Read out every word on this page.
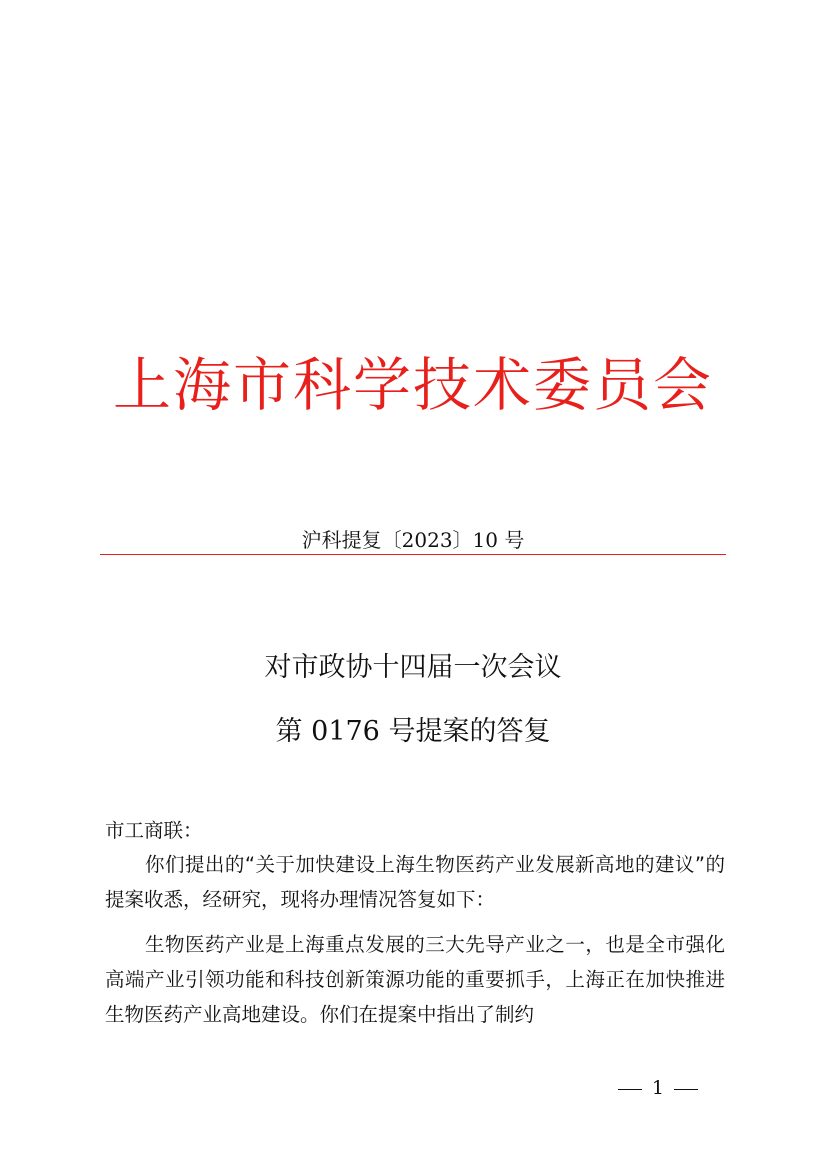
上海市科学技术委员会
沪科提复〔2023〕10 号
对市政协十四届一次会议
第 0176 号提案的答复
市工商联：
你们提出的“关于加快建设上海生物医药产业发展新高地的建议”的提案收悉，经研究，现将办理情况答复如下：
生物医药产业是上海重点发展的三大先导产业之一，也是全市强化高端产业引领功能和科技创新策源功能的重要抓手，上海正在加快推进生物医药产业高地建设。你们在提案中指出了制约
1
